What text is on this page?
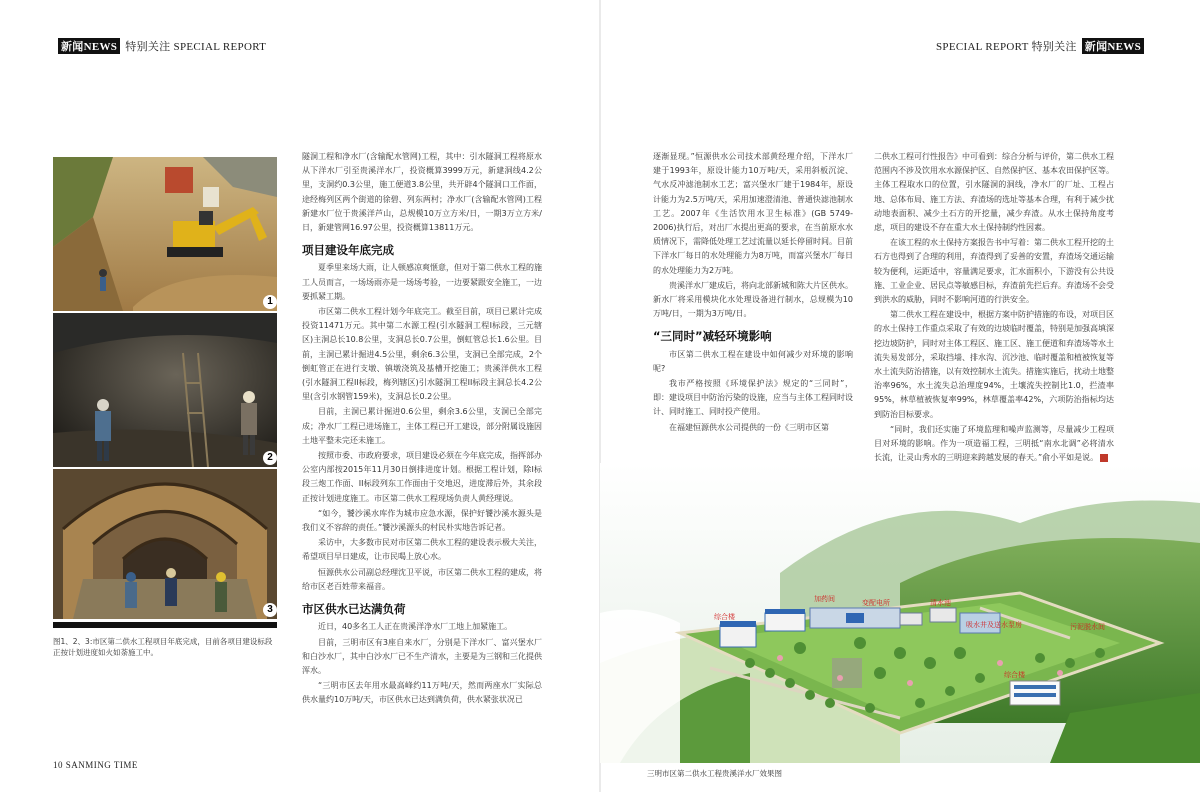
新闻NEWS 特别关注 SPECIAL REPORT	SPECIAL REPORT 特别关注 新闻NEWS
1
2
3
图1、2、3:市区第二供水工程项目年底完成，目前各项目建设标段正按计划进度如火如荼施工中。

隧洞工程和净水厂(含输配水管网)工程，其中：引水隧洞工程将原水从下洋水厂引至贵溪洋水厂，投资概算3999万元，新建洞线4.2公里，支洞约0.3公里，施工便道3.8公里，共开辟4个隧洞口工作面，途经梅列区两个街道的徐碧、列东两村；净水厂(含输配水管网)工程新建水厂位于贵溪洋芦山，总规模10万立方米/日，一期3万立方米/日，新建管网16.97公里，投资概算13811万元。

项目建设年底完成

夏季里来场大雨，让人顿感凉爽惬意，但对于第二供水工程的施工人员而言，一场场雨亦是一场场考验，一边要紧跟安全施工，一边要抓紧工期。

市区第二供水工程计划今年底完工。截至目前，项目已累计完成投资11471万元。其中第二水源工程(引水隧洞工程I标段，三元辖区)主洞总长10.8公里，支洞总长0.7公里，倒虹管总长1.6公里。目前，主洞已累计掘进4.5公里，剩余6.3公里，支洞已全部完成，2个倒虹管正在进行支墩、镇墩浇筑及基槽开挖施工；贵溪洋供水工程(引水隧洞工程II标段，梅列辖区)引水隧洞工程II标段主洞总长4.2公里(含引水钢管159米)，支洞总长0.2公里。

目前，主洞已累计掘进0.6公里，剩余3.6公里，支洞已全部完成；净水厂工程已进场施工，主体工程已开工建设，部分附属设施因土地平整未完还未施工。

按照市委、市政府要求，项目建设必须在今年底完成，指挥部办公室内部按2015年11月30日倒排进度计划。根据工程计划，除I标段三炮工作面、II标段列东工作面由于交地迟，进度滞后外，其余段正按计划进度施工。市区第二供水工程现场负责人黄经理说。

“如今，饕沙溪水库作为城市应急水源，保护好饕沙溪水源头是我们义不容辞的责任。”饕沙溪源头的村民朴实地告诉记者。

采访中，大多数市民对市区第二供水工程的建设表示极大关注，希望项目早日建成，让市民喝上放心水。

恒源供水公司副总经理沈卫平说，市区第二供水工程的建成，将给市区老百姓带来福音。

市区供水已达满负荷

近日，40多名工人正在贵溪洋净水厂工地上加紧施工。

目前，三明市区有3座自来水厂，分别是下洋水厂、富兴堡水厂和白沙水厂，其中白沙水厂已不生产清水，主要是为三钢和三化提供浑水。

“三明市区去年用水最高峰约11万吨/天，然而两座水厂实际总供水量约10万吨/天，市区供水已达到满负荷，供水紧张状况已

逐渐显现。”恒源供水公司技术部黄经理介绍，下洋水厂建于1993年，原设计能力10万吨/天，采用斜板沉淀、气水反冲滤池制水工艺；富兴堡水厂建于1984年，原设计能力为2.5万吨/天，采用加速澄清池、普通快滤池制水工艺。2007年《生活饮用水卫生标准》(GB 5749-2006)执行后，对出厂水提出更高的要求，在当前原水水质情况下，需降低处理工艺过流量以延长停留时间。目前下洋水厂每日的水处理能力为8万吨，而富兴堡水厂每日的水处理能力为2万吨。

贵溪洋水厂建成后，将向北部新城和陈大片区供水。新水厂将采用模块化水处理设备进行制水，总规模为10万吨/日，一期为3万吨/日。

“三同时”减轻环境影响

市区第二供水工程在建设中如何减少对环境的影响呢?

我市严格按照《环境保护法》规定的“三同时”，即：建设项目中防治污染的设施，应当与主体工程同时设计、同时施工、同时投产使用。

在福建恒源供水公司提供的一份《三明市区第

二供水工程可行性报告》中可看到：综合分析与评价，第二供水工程范围内不涉及饮用水水源保护区、自然保护区、基本农田保护区等。主体工程取水口的位置，引水隧洞的洞线，净水厂的厂址、工程占地、总体布局、施工方法、弃渣场的选址等基本合理，有利于减少扰动地表面积、减少土石方的开挖量，减少弃渣。从水土保持角度考虑，项目的建设不存在重大水土保持制约性因素。

在该工程的水土保持方案报告书中写着：第二供水工程开挖的土石方也得到了合理的利用，弃渣得到了妥善的安置，弃渣场交通运输较为便利，运距适中，容量满足要求，汇水面积小，下游没有公共设施、工业企业、居民点等敏感目标，弃渣前先拦后弃。弃渣场不会受到洪水的威胁，同时不影响河道的行洪安全。

第二供水工程在建设中，根据方案中防护措施的布设，对项目区的水土保持工作重点采取了有效的边坡临时覆盖，特别是加强高填深挖边坡防护，同时对主体工程区、施工区、施工便道和弃渣场等水土流失易发部分，采取挡墙、排水沟、沉沙池、临时覆盖和植被恢复等水土流失防治措施，以有效控制水土流失。措施实施后，扰动土地整治率96%，水土流失总治理度94%，土壤流失控制比1.0，拦渣率95%，林草植被恢复率99%，林草覆盖率42%，六项防治指标均达到防治目标要求。

“同时，我们还实施了环境监理和噪声监测等，尽量减少工程项目对环境的影响。作为一项造福工程，三明抵“南水北调”必将清水长流，让灵山秀水的三明迎来跨越发展的春天。”俞小平如是说。

综合楼
加药间	变配电所	清水池
吸水井及送水泵房
综合楼
污泥脱水间
三明市区第二供水工程贵溪洋水厂效果图
10 SANMING TIME
